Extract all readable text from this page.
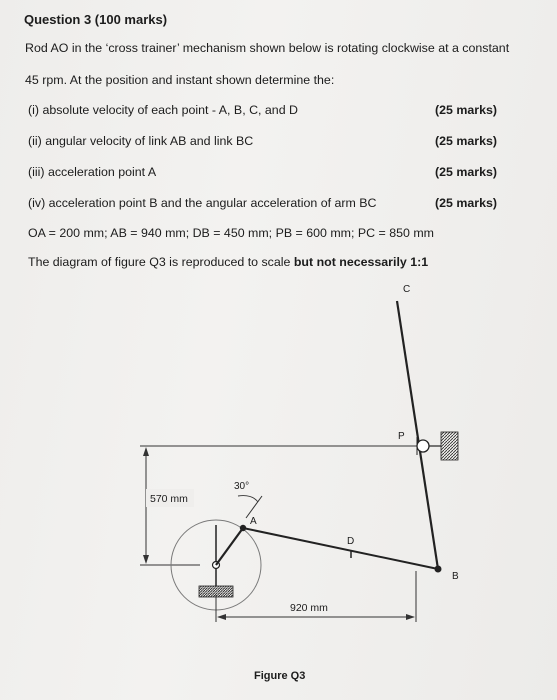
Question 3 (100 marks)
Rod AO in the ‘cross trainer’ mechanism shown below is rotating clockwise at a constant
45 rpm. At the position and instant shown determine the:
(i) absolute velocity of each point - A, B, C, and D	(25 marks)
(ii) angular velocity of link AB and link BC	(25 marks)
(iii) acceleration point A	(25 marks)
(iv) acceleration point B and the angular acceleration of arm BC	(25 marks)
OA = 200 mm; AB = 940 mm; DB = 450 mm; PB = 600 mm; PC = 850 mm
The diagram of figure Q3 is reproduced to scale but not necessarily 1:1
570 mm
30°
A
D
B
C
P
920 mm
Figure Q3
